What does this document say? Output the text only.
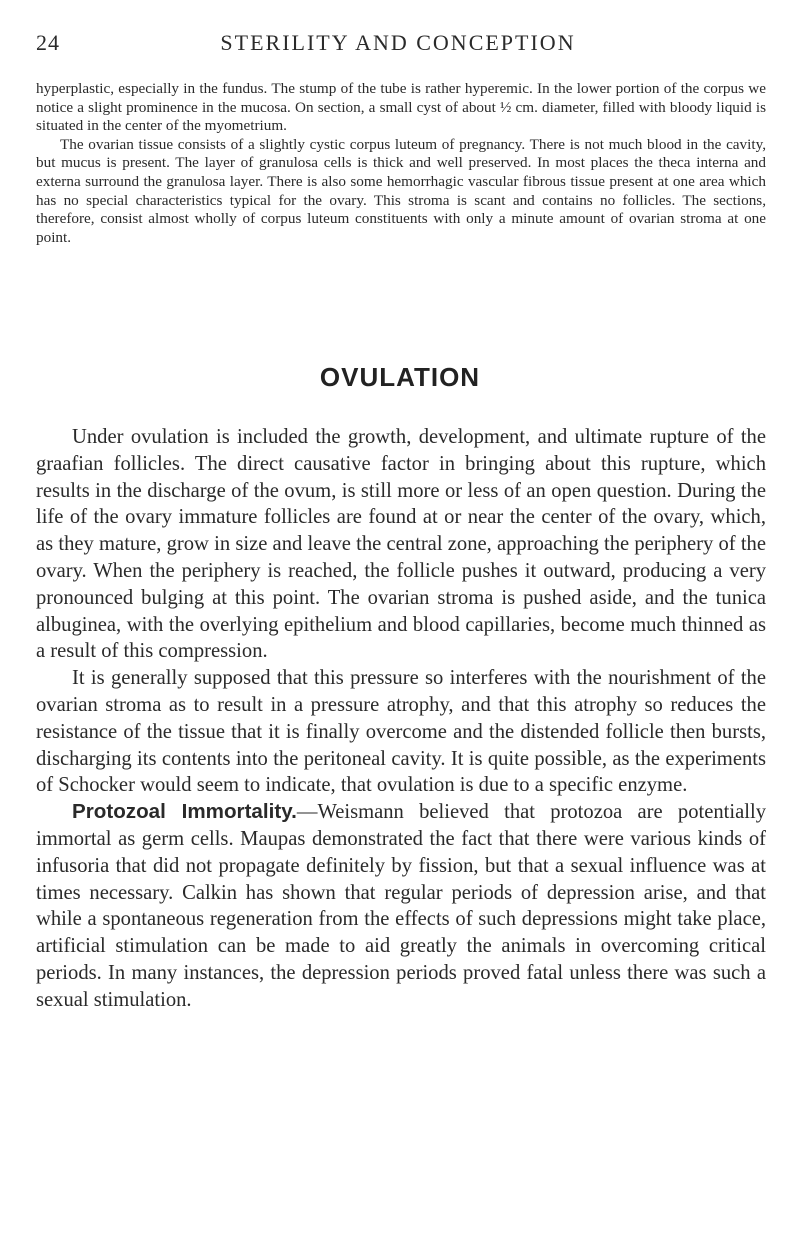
24	STERILITY AND CONCEPTION

hyperplastic, especially in the fundus. The stump of the tube is rather hyperemic. In the lower portion of the corpus we notice a slight prominence in the mucosa. On section, a small cyst of about ½ cm. diameter, filled with bloody liquid is situated in the center of the myometrium.

The ovarian tissue consists of a slightly cystic corpus luteum of pregnancy. There is not much blood in the cavity, but mucus is present. The layer of granulosa cells is thick and well preserved. In most places the theca interna and externa surround the granulosa layer. There is also some hemorrhagic vascular fibrous tissue present at one area which has no special characteristics typical for the ovary. This stroma is scant and contains no follicles. The sections, therefore, consist almost wholly of corpus luteum constituents with only a minute amount of ovarian stroma at one point.

OVULATION

Under ovulation is included the growth, development, and ultimate rupture of the graafian follicles. The direct causative factor in bringing about this rupture, which results in the discharge of the ovum, is still more or less of an open question. During the life of the ovary immature follicles are found at or near the center of the ovary, which, as they mature, grow in size and leave the central zone, approaching the periphery of the ovary. When the periphery is reached, the follicle pushes it outward, producing a very pronounced bulging at this point. The ovarian stroma is pushed aside, and the tunica albuginea, with the overlying epithelium and blood capillaries, become much thinned as a result of this compression.

It is generally supposed that this pressure so interferes with the nourishment of the ovarian stroma as to result in a pressure atrophy, and that this atrophy so reduces the resistance of the tissue that it is finally overcome and the distended follicle then bursts, discharging its contents into the peritoneal cavity. It is quite possible, as the experiments of Schocker would seem to indicate, that ovulation is due to a specific enzyme.

Protozoal Immortality.—Weismann believed that protozoa are potentially immortal as germ cells. Maupas demonstrated the fact that there were various kinds of infusoria that did not propagate definitely by fission, but that a sexual influence was at times necessary. Calkin has shown that regular periods of depression arise, and that while a spontaneous regeneration from the effects of such depressions might take place, artificial stimulation can be made to aid greatly the animals in overcoming critical periods. In many instances, the depression periods proved fatal unless there was such a sexual stimulation.
